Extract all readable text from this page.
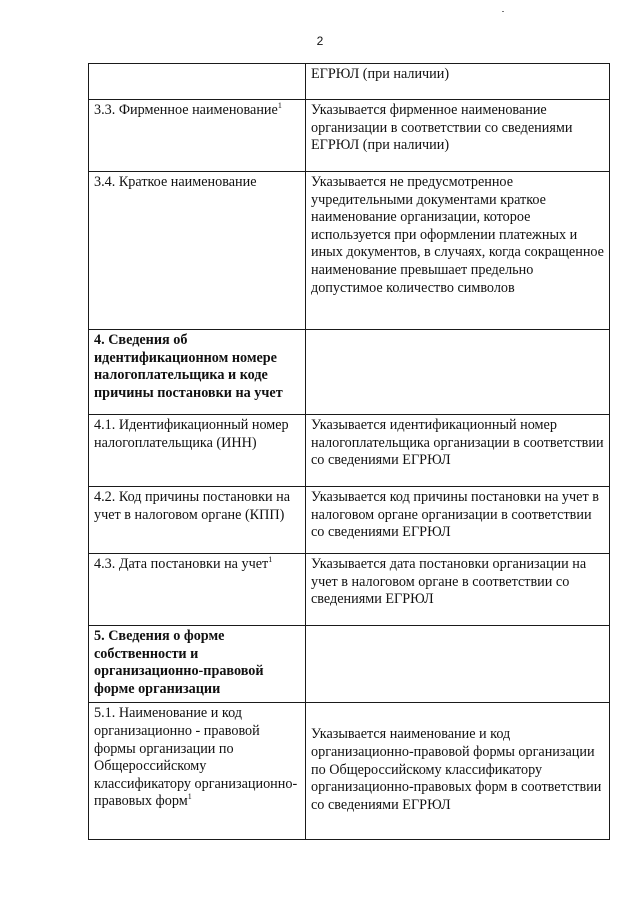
2
	ЕГРЮЛ (при наличии)
3.3. Фирменное наименование$^1$	Указывается фирменное наименование организации в соответствии со сведениями ЕГРЮЛ (при наличии)
3.4. Краткое наименование	Указывается не предусмотренное учредительными документами краткое наименование организации, которое используется при оформлении платежных и иных документов, в случаях, когда сокращенное наименование превышает предельно допустимое количество символов
4. Сведения об идентификационном номере налогоплательщика и коде причины постановки на учет	
4.1. Идентификационный номер налогоплательщика (ИНН)	Указывается идентификационный номер налогоплательщика организации в соответствии со сведениями ЕГРЮЛ
4.2. Код причины постановки на учет в налоговом органе (КПП)	Указывается код причины постановки на учет в налоговом органе организации в соответствии со сведениями ЕГРЮЛ
4.3. Дата постановки на учет$^1$	Указывается дата постановки организации на учет в налоговом органе в соответствии со сведениями ЕГРЮЛ
5. Сведения о форме собственности и организационно-правовой форме организации	
5.1. Наименование и код организационно - правовой формы организации по Общероссийскому классификатору организационно-правовых форм$^1$	Указывается наименование и код организационно-правовой формы организации по Общероссийскому классификатору организационно-правовых форм в соответствии со сведениями ЕГРЮЛ
